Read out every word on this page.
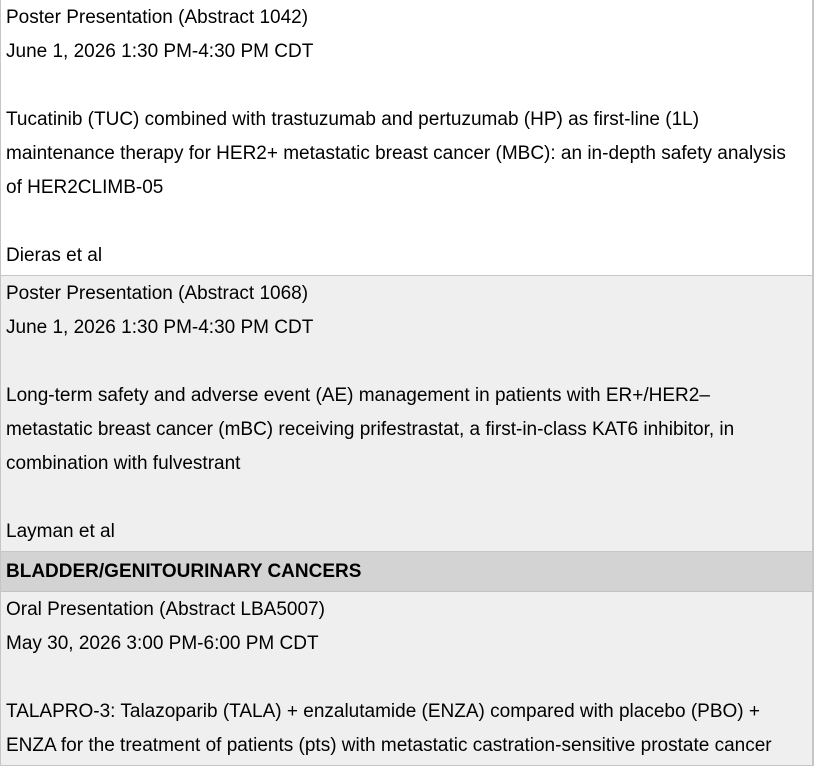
Poster Presentation (Abstract 1042)
June 1, 2026 1:30 PM-4:30 PM CDT
Tucatinib (TUC) combined with trastuzumab and pertuzumab (HP) as first-line (1L) maintenance therapy for HER2+ metastatic breast cancer (MBC): an in-depth safety analysis of HER2CLIMB-05
Dieras et al
Poster Presentation (Abstract 1068)
June 1, 2026 1:30 PM-4:30 PM CDT
Long-term safety and adverse event (AE) management in patients with ER+/HER2– metastatic breast cancer (mBC) receiving prifestrastat, a first-in-class KAT6 inhibitor, in combination with fulvestrant
Layman et al
BLADDER/GENITOURINARY CANCERS
Oral Presentation (Abstract LBA5007)
May 30, 2026 3:00 PM-6:00 PM CDT
TALAPRO-3: Talazoparib (TALA) + enzalutamide (ENZA) compared with placebo (PBO) + ENZA for the treatment of patients (pts) with metastatic castration-sensitive prostate cancer
